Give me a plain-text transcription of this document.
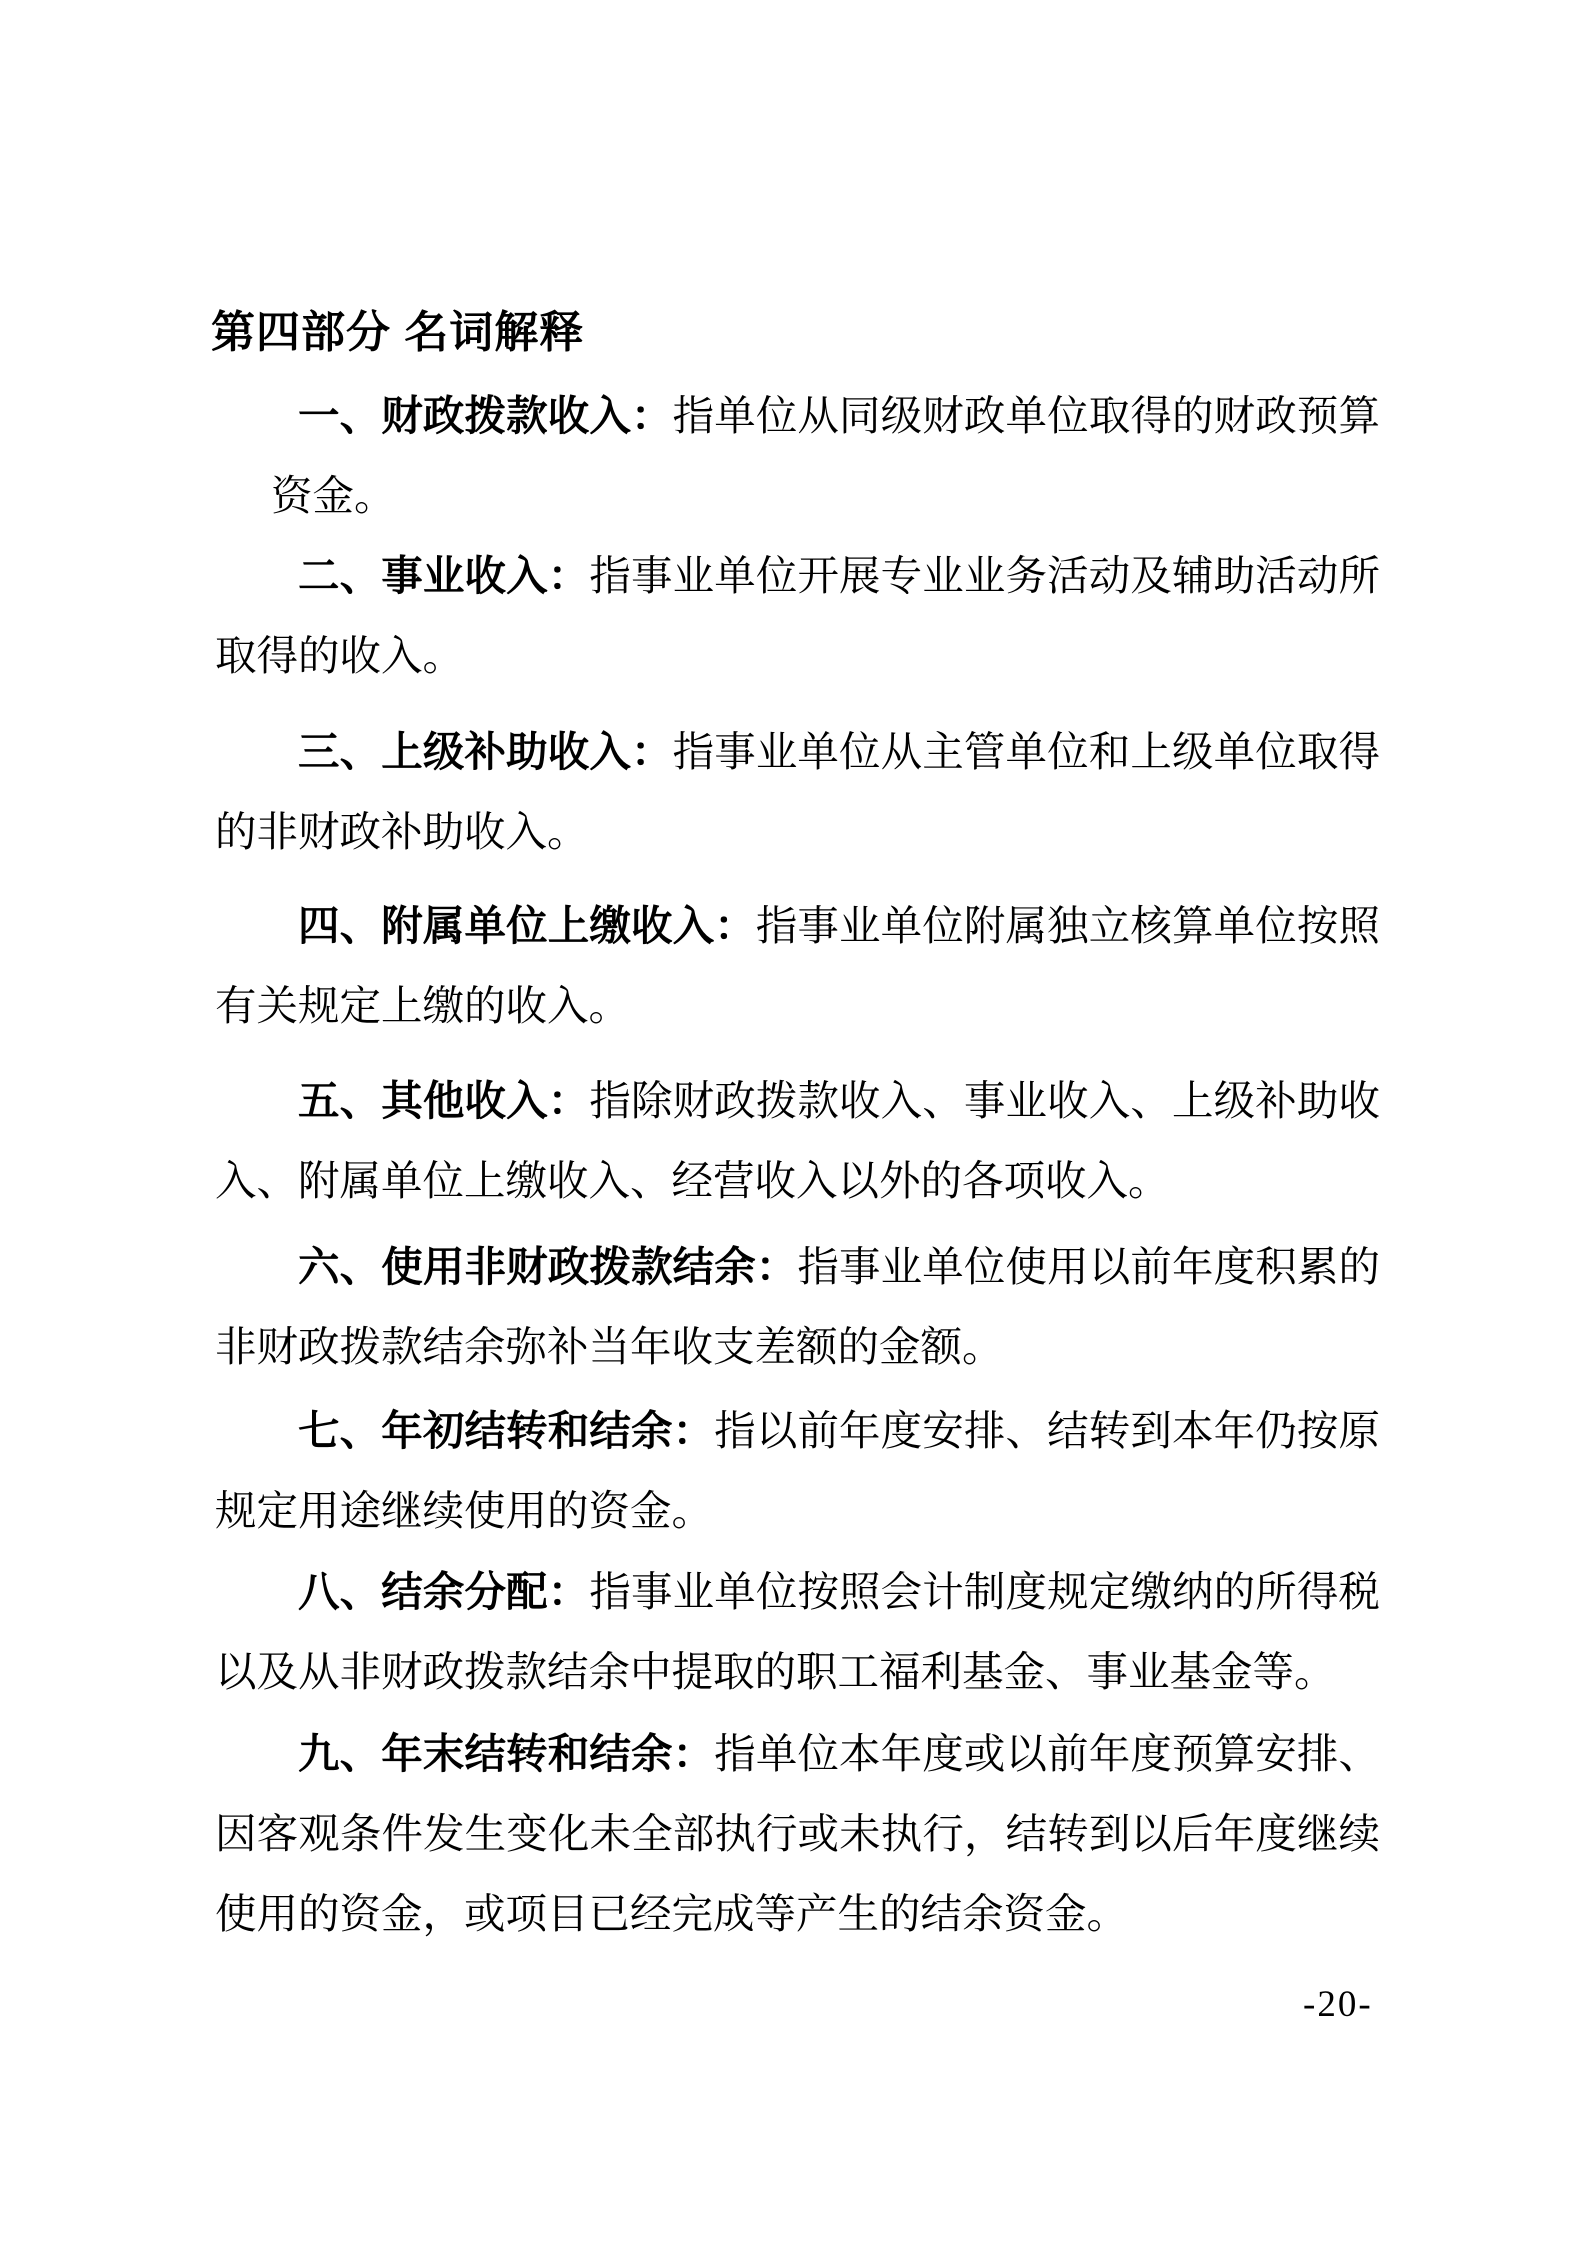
第四部分 名词解释
一、财政拨款收入：指单位从同级财政单位取得的财政预算
资金。
二、事业收入：指事业单位开展专业业务活动及辅助活动所
取得的收入。
三、上级补助收入：指事业单位从主管单位和上级单位取得
的非财政补助收入。
四、附属单位上缴收入：指事业单位附属独立核算单位按照
有关规定上缴的收入。
五、其他收入：指除财政拨款收入、事业收入、上级补助收
入、附属单位上缴收入、经营收入以外的各项收入。
六、使用非财政拨款结余：指事业单位使用以前年度积累的
非财政拨款结余弥补当年收支差额的金额。
七、年初结转和结余：指以前年度安排、结转到本年仍按原
规定用途继续使用的资金。
八、结余分配：指事业单位按照会计制度规定缴纳的所得税
以及从非财政拨款结余中提取的职工福利基金、事业基金等。
九、年末结转和结余：指单位本年度或以前年度预算安排、
因客观条件发生变化未全部执行或未执行，结转到以后年度继续
使用的资金，或项目已经完成等产生的结余资金。
-20-
